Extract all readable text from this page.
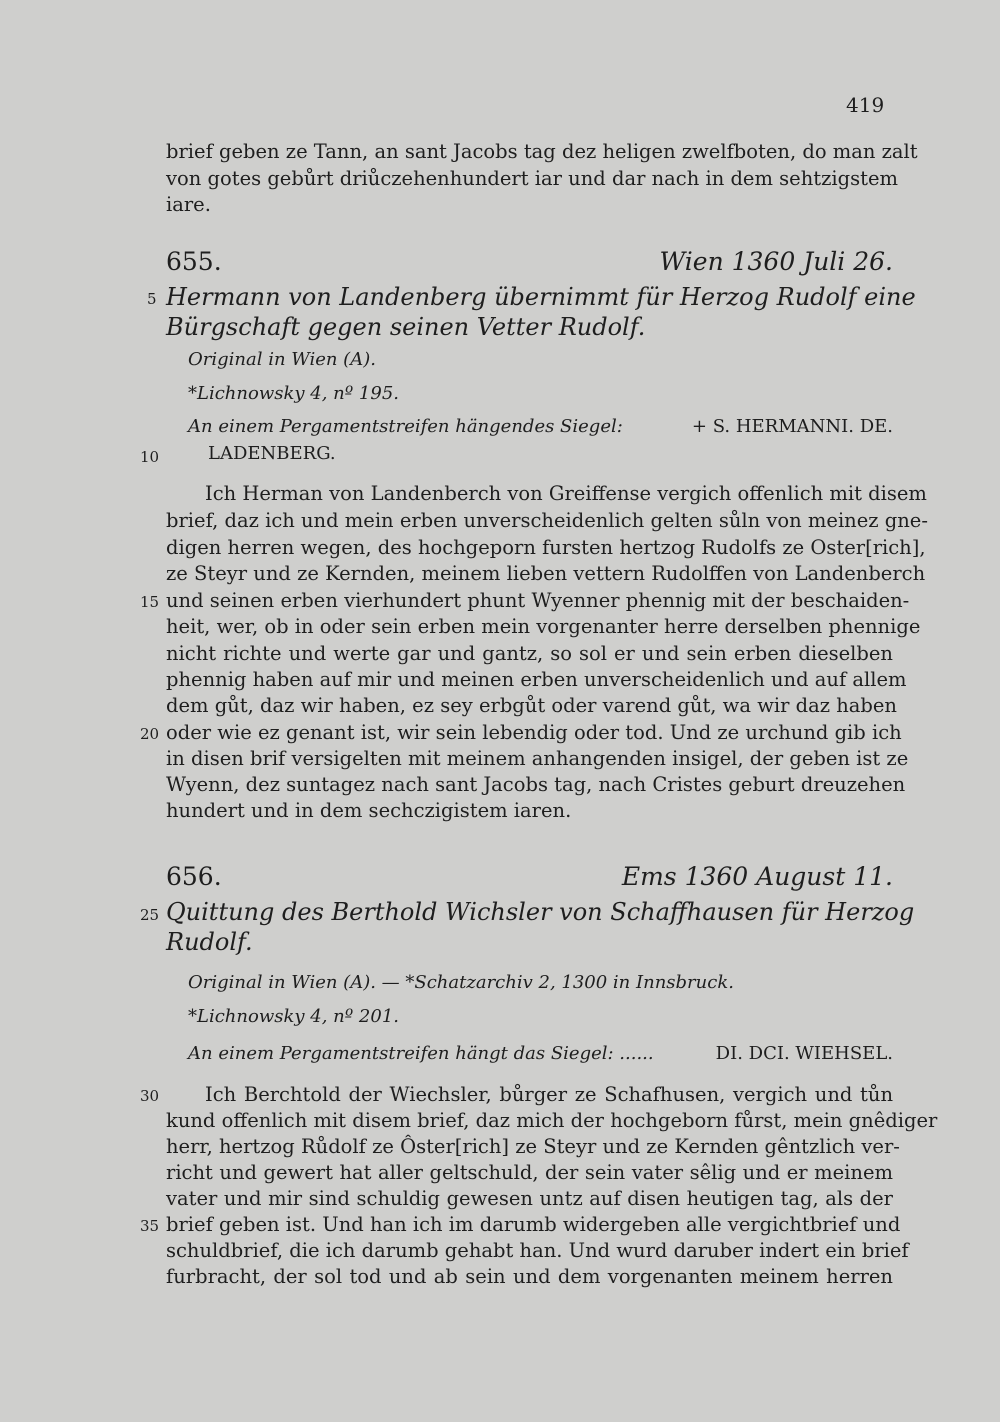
419
brief geben ze Tann, an sant Jacobs tag dez heligen zwelfboten, do man zalt
von gotes gebůrt driůczehenhundert iar und dar nach in dem sehtzigstem
iare.
655.	Wien 1360 Juli 26.
5 Hermann von Landenberg übernimmt für Herzog Rudolf eine
Bürgschaft gegen seinen Vetter Rudolf.
Original in Wien (A).
*Lichnowsky 4, nº 195.
An einem Pergamentstreifen hängendes Siegel:	+ S. HERMANNI. DE.
10	LADENBERG.
Ich Herman von Landenberch von Greiffense vergich offenlich mit disem
brief, daz ich und mein erben unverscheidenlich gelten sůln von meinez gne-
digen herren wegen, des hochgeporn fursten hertzog Rudolfs ze Oster[rich],
ze Steyr und ze Kernden, meinem lieben vettern Rudolffen von Landenberch
15 und seinen erben vierhundert phunt Wyenner phennig mit der beschaiden-
heit, wer, ob in oder sein erben mein vorgenanter herre derselben phennige
nicht richte und werte gar und gantz, so sol er und sein erben dieselben
phennig haben auf mir und meinen erben unverscheidenlich und auf allem
dem gůt, daz wir haben, ez sey erbgůt oder varend gůt, wa wir daz haben
20 oder wie ez genant ist, wir sein lebendig oder tod. Und ze urchund gib ich
in disen brif versigelten mit meinem anhangenden insigel, der geben ist ze
Wyenn, dez suntagez nach sant Jacobs tag, nach Cristes geburt dreuzehen
hundert und in dem sechczigistem iaren.
656.	Ems 1360 August 11.
25 Quittung des Berthold Wichsler von Schaffhausen für Herzog
Rudolf.
Original in Wien (A). — *Schatzarchiv 2, 1300 in Innsbruck.
*Lichnowsky 4, nº 201.
An einem Pergamentstreifen hängt das Siegel: ......	DI. DCI. WIEHSEL.
30 Ich Berchtold der Wiechsler, bůrger ze Schafhusen, vergich und tůn
kund offenlich mit disem brief, daz mich der hochgeborn fůrst, mein gnêdiger
herr, hertzog Růdolf ze Ôster[rich] ze Steyr und ze Kernden gêntzlich ver-
richt und gewert hat aller geltschuld, der sein vater sêlig und er meinem
vater und mir sind schuldig gewesen untz auf disen heutigen tag, als der
35 brief geben ist. Und han ich im darumb widergeben alle vergichtbrief und
schuldbrief, die ich darumb gehabt han. Und wurd daruber indert ein brief
furbracht, der sol tod und ab sein und dem vorgenanten meinem herren
